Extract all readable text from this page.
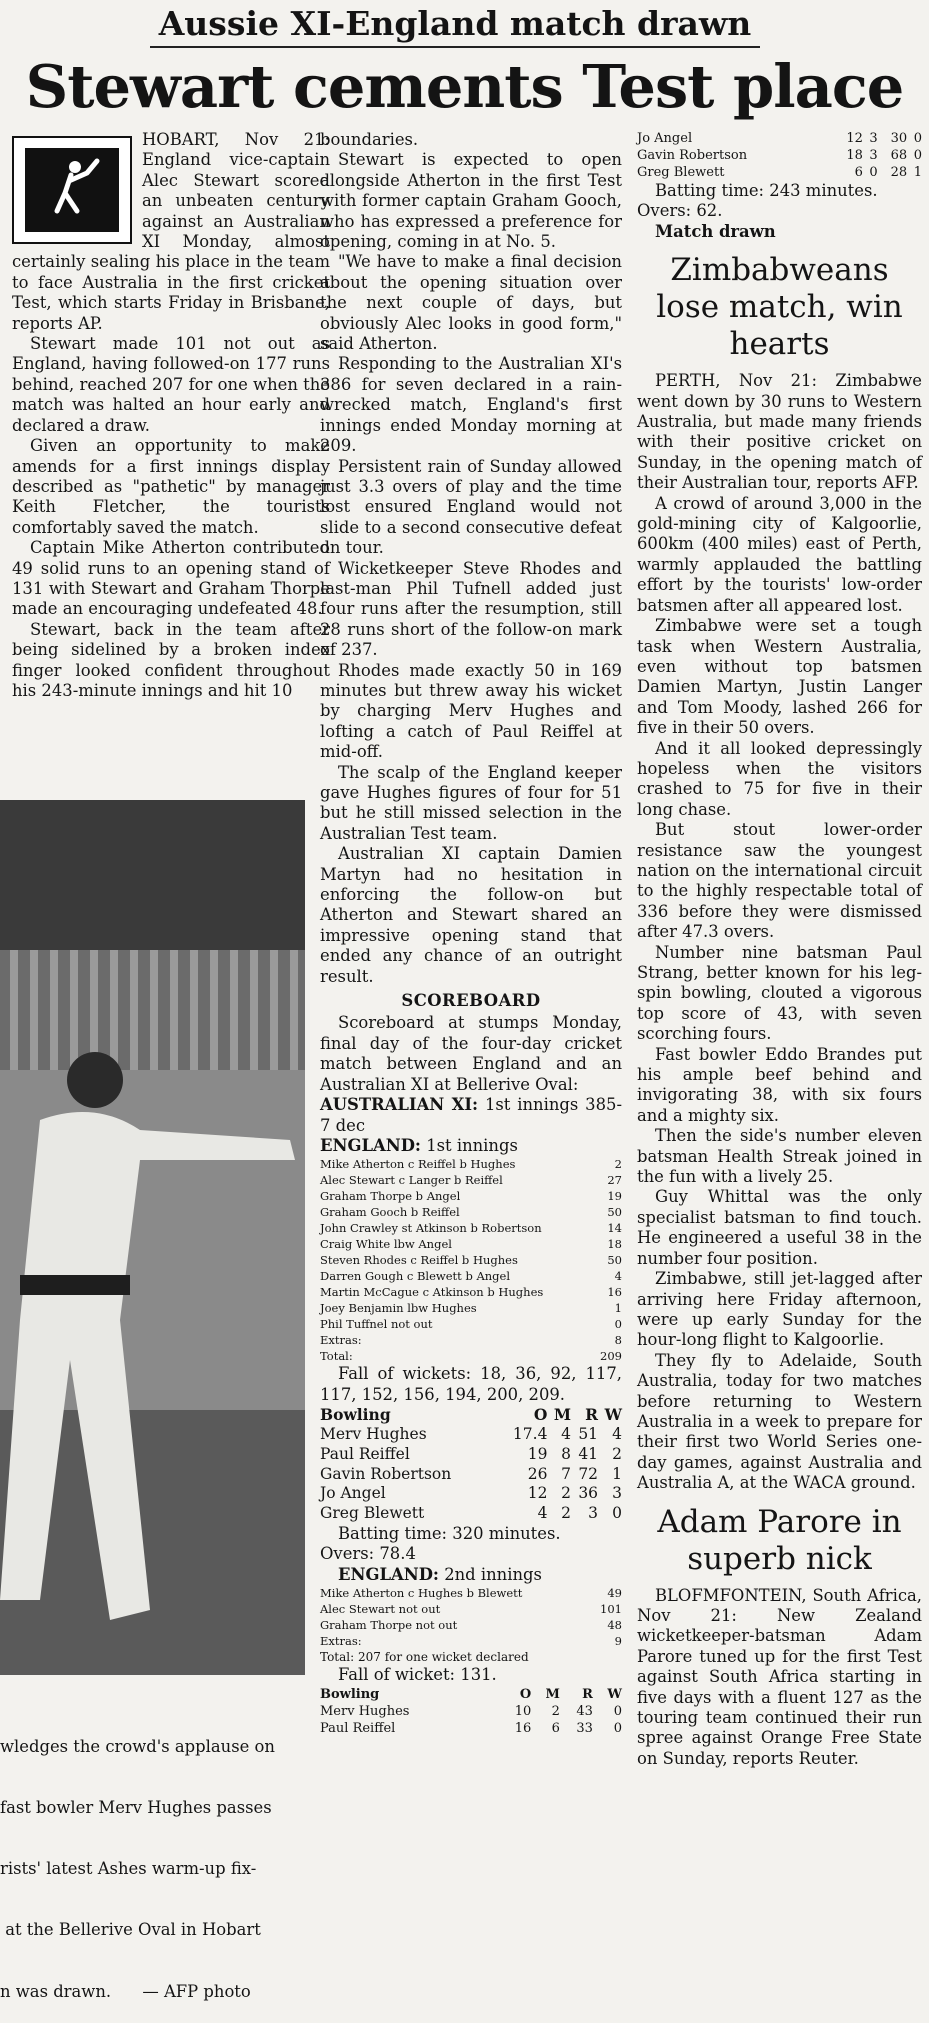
Aussie XI-England match drawn
Stewart cements Test place

HOBART, Nov 21: England vice-captain Alec Stewart scored an unbeaten century against an Australian XI Monday, almost certainly sealing his place in the team to face Australia in the first cricket Test, which starts Friday in Brisbane, reports AP.

Stewart made 101 not out as England, having followed-on 177 runs behind, reached 207 for one when the match was halted an hour early and declared a draw.

Given an opportunity to make amends for a first innings display described as "pathetic" by manager Keith Fletcher, the tourists comfortably saved the match.

Captain Mike Atherton contributed 49 solid runs to an opening stand of 131 with Stewart and Graham Thorpe made an encouraging undefeated 48.

Stewart, back in the team after being sidelined by a broken index finger looked confident throughout his 243-minute innings and hit 10

wledges the crowd's applause on

fast bowler Merv Hughes passes

rists' latest Ashes warm-up fix-

at the Bellerive Oval in Hobart

n was drawn.      — AFP photo

boundaries.

Stewart is expected to open alongside Atherton in the first Test with former captain Graham Gooch, who has expressed a preference for opening, coming in at No. 5.

"We have to make a final decision about the opening situation over the next couple of days, but obviously Alec looks in good form," said Atherton.

Responding to the Australian XI's 386 for seven declared in a rain-wrecked match, England's first innings ended Monday morning at 209.

Persistent rain of Sunday allowed just 3.3 overs of play and the time lost ensured England would not slide to a second consecutive defeat on tour.

Wicketkeeper Steve Rhodes and last-man Phil Tufnell added just four runs after the resumption, still 28 runs short of the follow-on mark of 237.

Rhodes made exactly 50 in 169 minutes but threw away his wicket by charging Merv Hughes and lofting a catch of Paul Reiffel at mid-off.

The scalp of the England keeper gave Hughes figures of four for 51 but he still missed selection in the Australian Test team.

Australian XI captain Damien Martyn had no hesitation in enforcing the follow-on but Atherton and Stewart shared an impressive opening stand that ended any chance of an outright result.

SCOREBOARD

Scoreboard at stumps Monday, final day of the four-day cricket match between England and an Australian XI at Bellerive Oval:

AUSTRALIAN XI: 1st innings 385-7 dec

ENGLAND: 1st innings

Mike Atherton c Reiffel b Hughes	2
Alec Stewart c Langer b Reiffel	27
Graham Thorpe b Angel	19
Graham Gooch b Reiffel	50
John Crawley st Atkinson b Robertson	14
Craig White lbw Angel	18
Steven Rhodes c Reiffel b Hughes	50
Darren Gough c Blewett b Angel	4
Martin McCague c Atkinson b Hughes	16
Joey Benjamin lbw Hughes	1
Phil Tuffnel not out	0
Extras:	8
Total:	209

Fall of wickets: 18, 36, 92, 117, 117, 152, 156, 194, 200, 209.

Bowling	O	M	R	W
Merv Hughes	17.4	4	51	4
Paul Reiffel	19	8	41	2
Gavin Robertson	26	7	72	1
Jo Angel	12	2	36	3
Greg Blewett	4	2	3	0

Batting time: 320 minutes.

Overs: 78.4

ENGLAND: 2nd innings

Mike Atherton c Hughes b Blewett	49
Alec Stewart not out	101
Graham Thorpe not out	48
Extras:	9
Total: 207 for one wicket declared

Fall of wicket: 131.

Bowling	O	M	R	W
Merv Hughes	10	2	43	0
Paul Reiffel	16	6	33	0
Jo Angel	12	3	30	0
Gavin Robertson	18	3	68	0
Greg Blewett	6	0	28	1

Batting time: 243 minutes.

Overs: 62.

Match drawn

Zimbabweans lose match, win hearts

PERTH, Nov 21: Zimbabwe went down by 30 runs to Western Australia, but made many friends with their positive cricket on Sunday, in the opening match of their Australian tour, reports AFP.

A crowd of around 3,000 in the gold-mining city of Kalgoorlie, 600km (400 miles) east of Perth, warmly applauded the battling effort by the tourists' low-order batsmen after all appeared lost.

Zimbabwe were set a tough task when Western Australia, even without top batsmen Damien Martyn, Justin Langer and Tom Moody, lashed 266 for five in their 50 overs.

And it all looked depressingly hopeless when the visitors crashed to 75 for five in their long chase.

But stout lower-order resistance saw the youngest nation on the international circuit to the highly respectable total of 336 before they were dismissed after 47.3 overs.

Number nine batsman Paul Strang, better known for his leg-spin bowling, clouted a vigorous top score of 43, with seven scorching fours.

Fast bowler Eddo Brandes put his ample beef behind and invigorating 38, with six fours and a mighty six.

Then the side's number eleven batsman Health Streak joined in the fun with a lively 25.

Guy Whittal was the only specialist batsman to find touch. He engineered a useful 38 in the number four position.

Zimbabwe, still jet-lagged after arriving here Friday afternoon, were up early Sunday for the hour-long flight to Kalgoorlie.

They fly to Adelaide, South Australia, today for two matches before returning to Western Australia in a week to prepare for their first two World Series one-day games, against Australia and Australia A, at the WACA ground.

Adam Parore in superb nick

BLOFMFONTEIN, South Africa, Nov 21: New Zealand wicketkeeper-batsman Adam Parore tuned up for the first Test against South Africa starting in five days with a fluent 127 as the touring team continued their run spree against Orange Free State on Sunday, reports Reuter.
